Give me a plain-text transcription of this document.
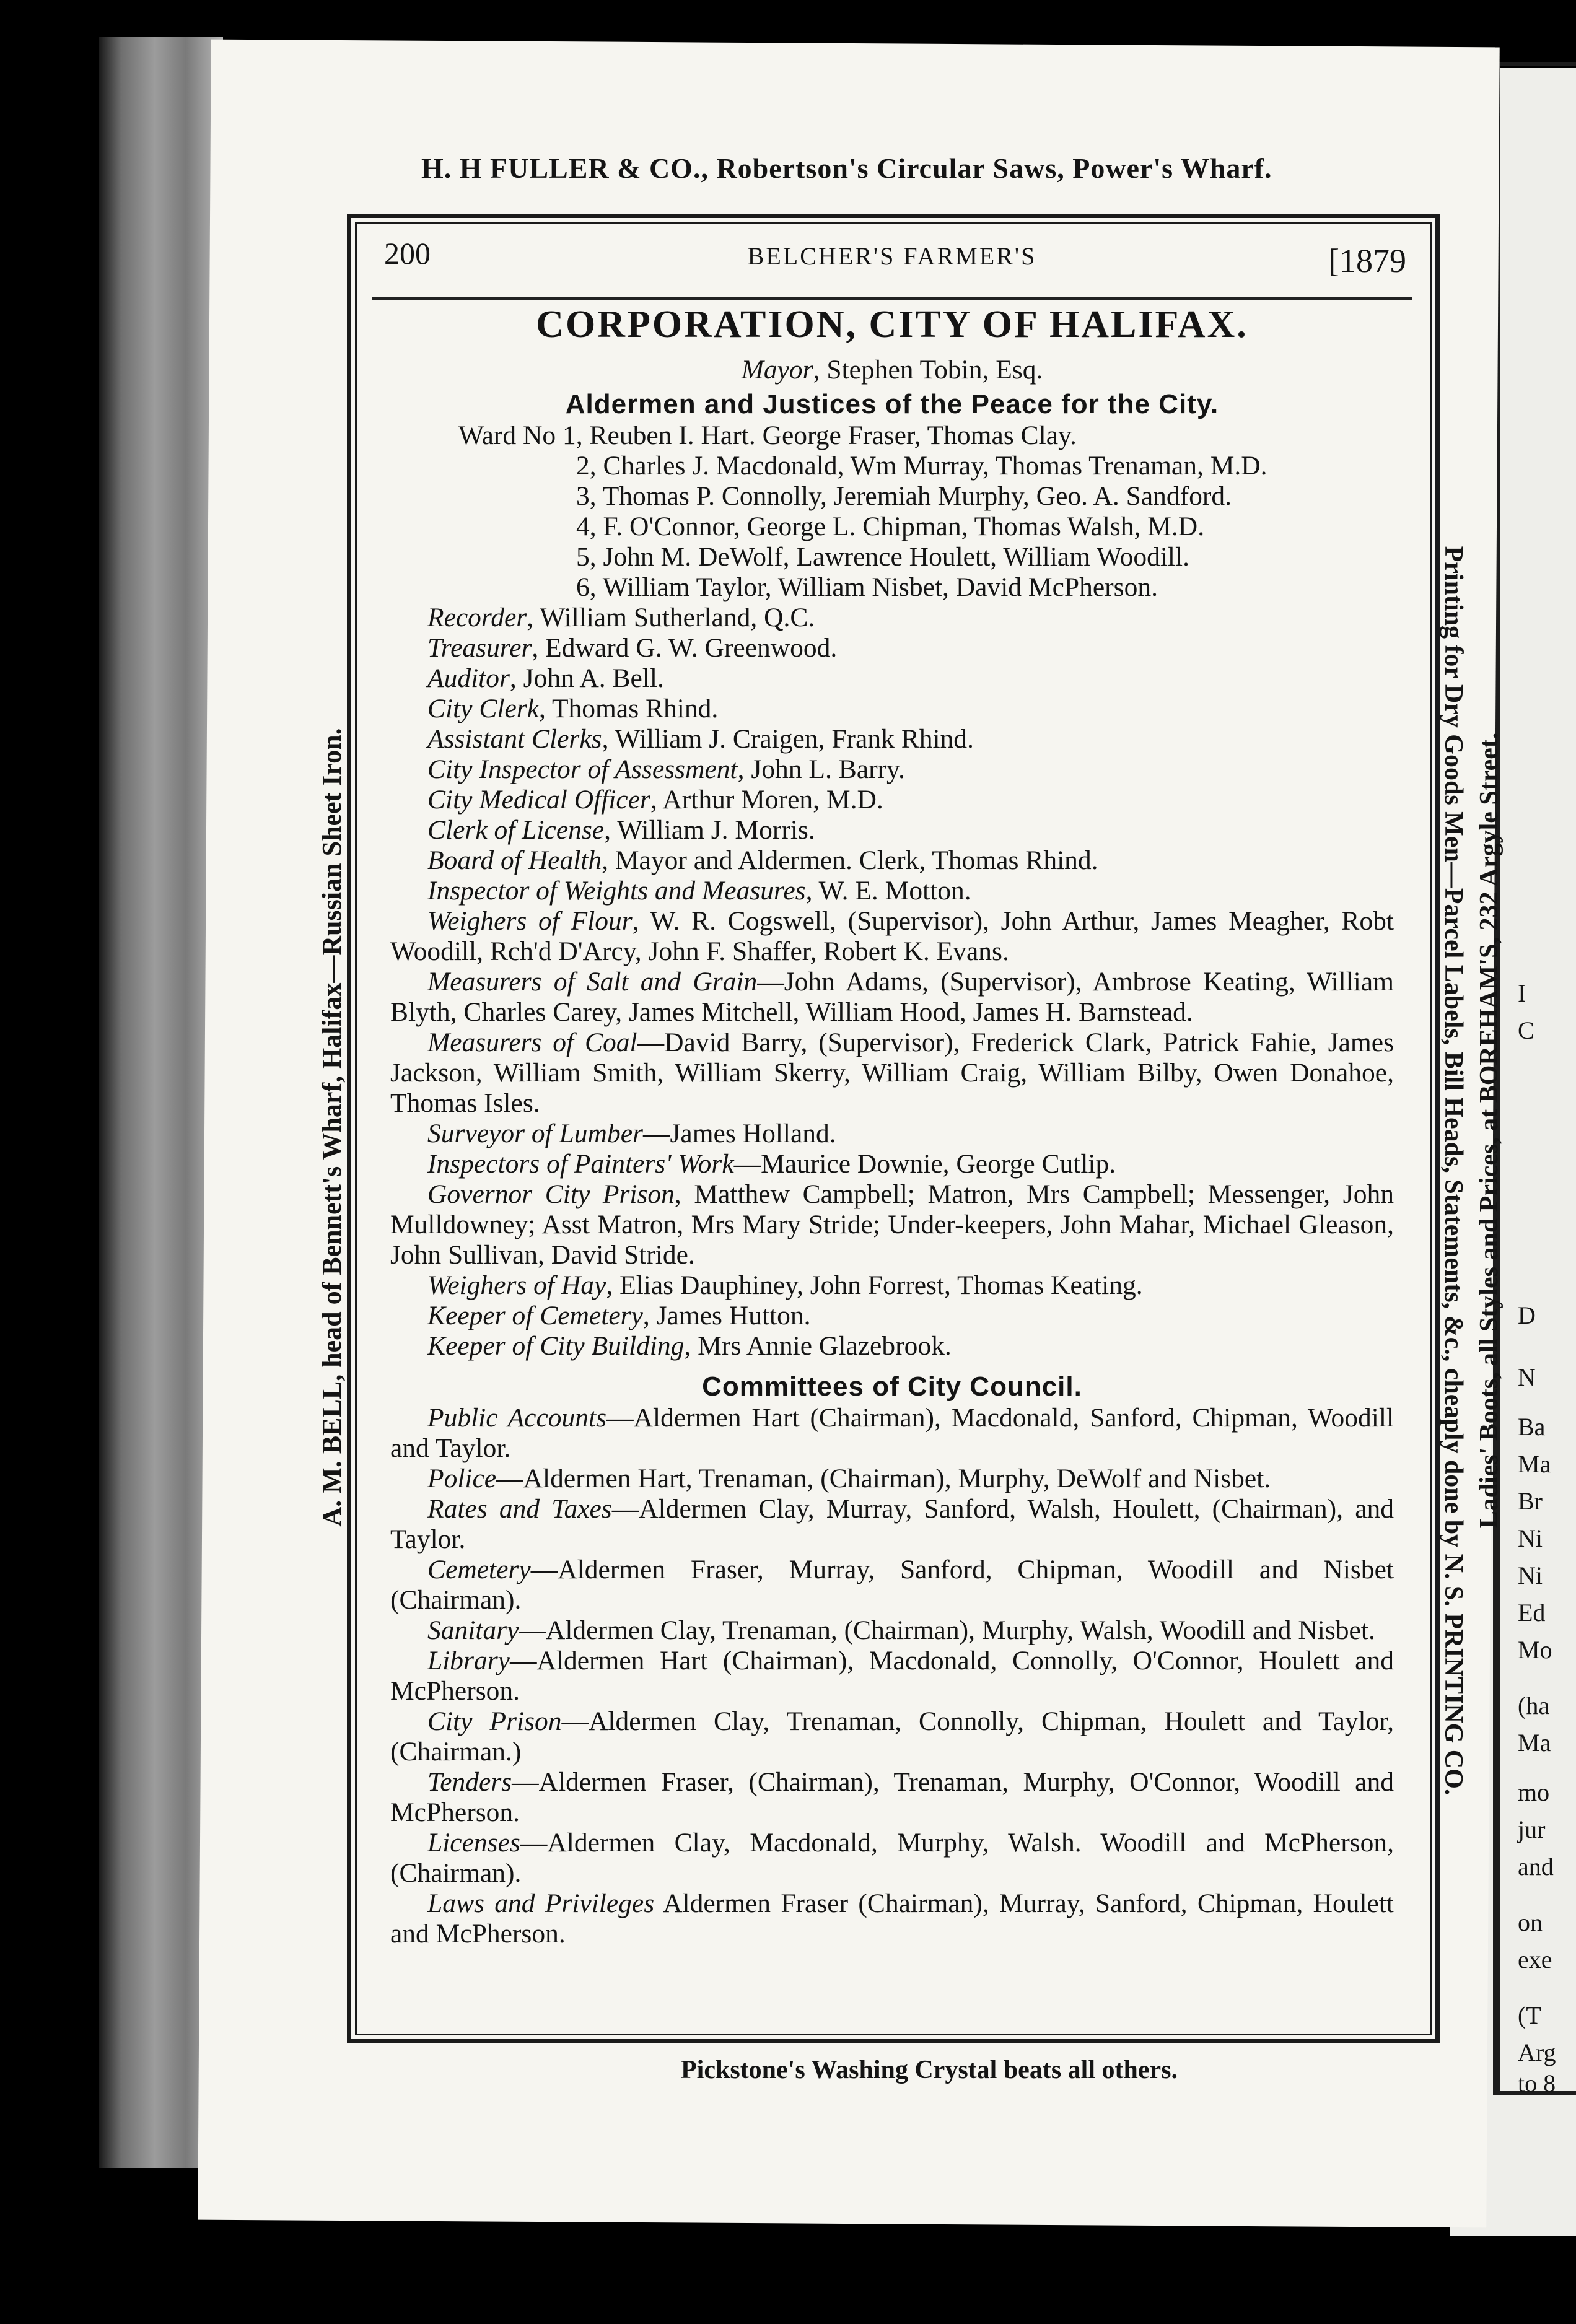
H. H FULLER & CO., Robertson's Circular Saws, Power's Wharf.
Pickstone's Washing Crystal beats all others.
A. M. BELL, head of Bennett's Wharf, Halifax—Russian Sheet Iron.	Printing for Dry Goods Men—Parcel Labels, Bill Heads, Statements, &c., cheaply done by N. S. PRINTING CO. Ladies' Boots, all Styles and Prices, at BOREHAM'S, 232 Argyle Street.
200	BELCHER'S FARMER'S	[1879
CORPORATION, CITY OF HALIFAX.
Mayor, Stephen Tobin, Esq.
Aldermen and Justices of the Peace for the City.
Ward No 1, Reuben I. Hart. George Fraser, Thomas Clay.
2, Charles J. Macdonald, Wm Murray, Thomas Trenaman, M.D.
3, Thomas P. Connolly, Jeremiah Murphy, Geo. A. Sandford.
4, F. O'Connor, George L. Chipman, Thomas Walsh, M.D.
5, John M. DeWolf, Lawrence Houlett, William Woodill.
6, William Taylor, William Nisbet, David McPherson.
Recorder, William Sutherland, Q.C.
Treasurer, Edward G. W. Greenwood.
Auditor, John A. Bell.
City Clerk, Thomas Rhind.
Assistant Clerks, William J. Craigen, Frank Rhind.
City Inspector of Assessment, John L. Barry.
City Medical Officer, Arthur Moren, M.D.
Clerk of License, William J. Morris.
Board of Health, Mayor and Aldermen. Clerk, Thomas Rhind.
Inspector of Weights and Measures, W. E. Motton.
Weighers of Flour, W. R. Cogswell, (Supervisor), John Arthur, James Meagher, Robt Woodill, Rch'd D'Arcy, John F. Shaffer, Robert K. Evans.
Measurers of Salt and Grain—John Adams, (Supervisor), Ambrose Keating, William Blyth, Charles Carey, James Mitchell, William Hood, James H. Barnstead.
Measurers of Coal—David Barry, (Supervisor), Frederick Clark, Patrick Fahie, James Jackson, William Smith, William Skerry, William Craig, William Bilby, Owen Donahoe, Thomas Isles.
Surveyor of Lumber—James Holland.
Inspectors of Painters' Work—Maurice Downie, George Cutlip.
Governor City Prison, Matthew Campbell; Matron, Mrs Campbell; Messenger, John Mulldowney; Asst Matron, Mrs Mary Stride; Under-keepers, John Mahar, Michael Gleason, John Sullivan, David Stride.
Weighers of Hay, Elias Dauphiney, John Forrest, Thomas Keating.
Keeper of Cemetery, James Hutton.
Keeper of City Building, Mrs Annie Glazebrook.
Committees of City Council.
Public Accounts—Aldermen Hart (Chairman), Macdonald, Sanford, Chipman, Woodill and Taylor.
Police—Aldermen Hart, Trenaman, (Chairman), Murphy, DeWolf and Nisbet.
Rates and Taxes—Aldermen Clay, Murray, Sanford, Walsh, Houlett, (Chairman), and Taylor.
Cemetery—Aldermen Fraser, Murray, Sanford, Chipman, Woodill and Nisbet (Chairman).
Sanitary—Aldermen Clay, Trenaman, (Chairman), Murphy, Walsh, Woodill and Nisbet.
Library—Aldermen Hart (Chairman), Macdonald, Connolly, O'Connor, Houlett and McPherson.
City Prison—Aldermen Clay, Trenaman, Connolly, Chipman, Houlett and Taylor, (Chairman.)
Tenders—Aldermen Fraser, (Chairman), Trenaman, Murphy, O'Connor, Woodill and McPherson.
Licenses—Aldermen Clay, Macdonald, Murphy, Walsh. Woodill and McPherson, (Chairman).
Laws and Privileges Aldermen Fraser (Chairman), Murray, Sanford, Chipman, Houlett and McPherson.
I
C
D
N
Ba
Ma
Br
Ni
Ni
Ed
Mo
(ha
Ma
mo
jur
and
on
exe
(T
Arg
to 8
